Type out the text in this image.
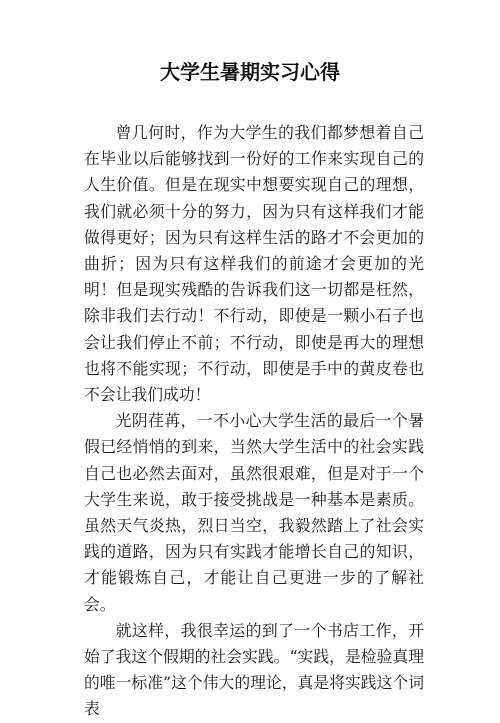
大学生暑期实习心得

曾几何时，作为大学生的我们都梦想着自己在毕业以后能够找到一份好的工作来实现自己的人生价值。但是在现实中想要实现自己的理想，我们就必须十分的努力，因为只有这样我们才能做得更好；因为只有这样生活的路才不会更加的曲折；因为只有这样我们的前途才会更加的光明！但是现实残酷的告诉我们这一切都是枉然，除非我们去行动！不行动，即使是一颗小石子也会让我们停止不前；不行动，即使是再大的理想也将不能实现；不行动，即使是手中的黄皮卷也不会让我们成功！

光阴荏苒，一不小心大学生活的最后一个暑假已经悄悄的到来，当然大学生活中的社会实践自己也必然去面对，虽然很艰难，但是对于一个大学生来说，敢于接受挑战是一种基本是素质。虽然天气炎热，烈日当空，我毅然踏上了社会实践的道路，因为只有实践才能增长自己的知识，才能锻炼自己，才能让自己更进一步的了解社会。

就这样，我很幸运的到了一个书店工作，开始了我这个假期的社会实践。“实践，是检验真理的唯一标准”这个伟大的理论，真是将实践这个词表
